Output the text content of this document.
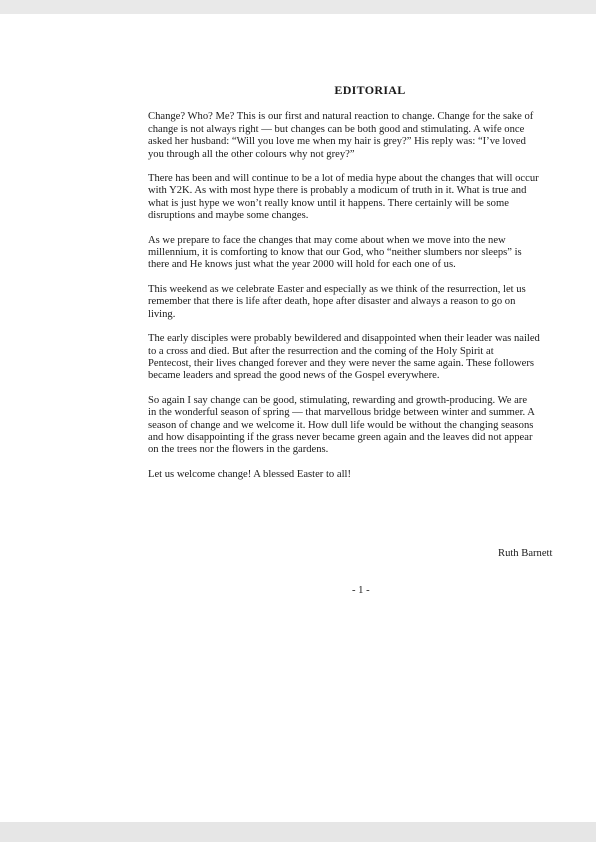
EDITORIAL
Change? Who? Me? This is our first and natural reaction to change. Change for the sake of
change is not always right — but changes can be both good and stimulating. A wife once
asked her husband: “Will you love me when my hair is grey?” His reply was: “I’ve loved
you through all the other colours why not grey?”
There has been and will continue to be a lot of media hype about the changes that will occur
with Y2K. As with most hype there is probably a modicum of truth in it. What is true and
what is just hype we won’t really know until it happens. There certainly will be some
disruptions and maybe some changes.
As we prepare to face the changes that may come about when we move into the new
millennium, it is comforting to know that our God, who “neither slumbers nor sleeps” is
there and He knows just what the year 2000 will hold for each one of us.
This weekend as we celebrate Easter and especially as we think of the resurrection, let us
remember that there is life after death, hope after disaster and always a reason to go on
living.
The early disciples were probably bewildered and disappointed when their leader was nailed
to a cross and died. But after the resurrection and the coming of the Holy Spirit at
Pentecost, their lives changed forever and they were never the same again. These followers
became leaders and spread the good news of the Gospel everywhere.
So again I say change can be good, stimulating, rewarding and growth-producing. We are
in the wonderful season of spring — that marvellous bridge between winter and summer. A
season of change and we welcome it. How dull life would be without the changing seasons
and how disappointing if the grass never became green again and the leaves did not appear
on the trees nor the flowers in the gardens.
Let us welcome change! A blessed Easter to all!
Ruth Barnett
- 1 -
